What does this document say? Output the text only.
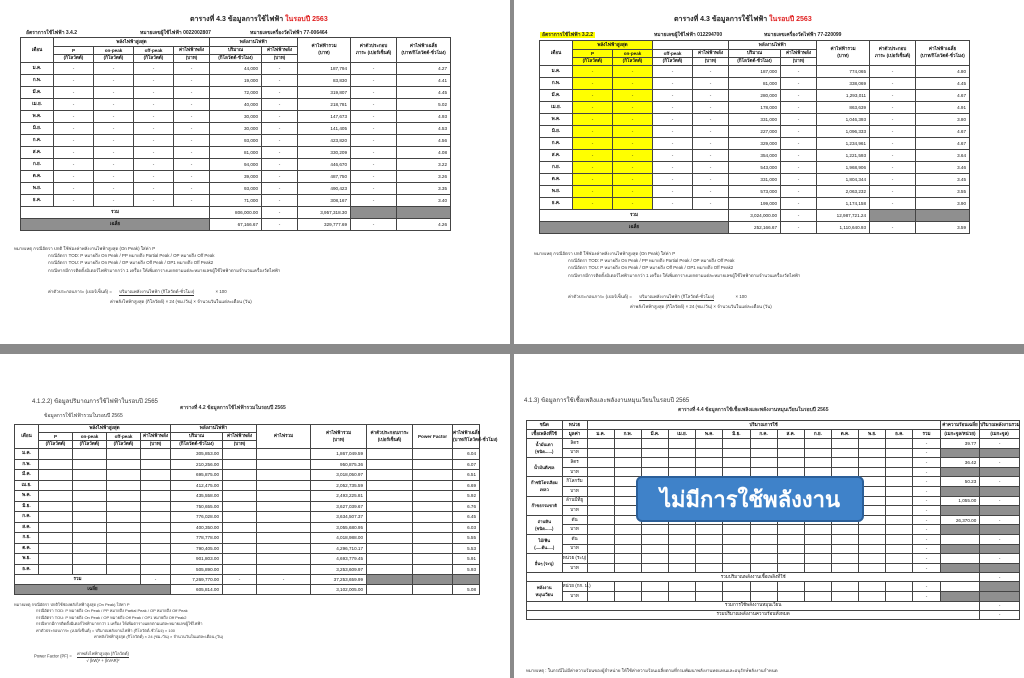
ตารางที่ 4.3 ข้อมูลการใช้ไฟฟ้า ในรอบปี 2563
อัตราการใช้ไฟฟ้า 3.4.2	หมายเลขผู้ใช้ไฟฟ้า 0022002807	หมายเลขเครื่องวัดไฟฟ้า 77-006464
เดือน	พลังไฟฟ้าสูงสุด				พลังงานไฟฟ้า		ค่าไฟฟ้ารวม
(บาท)	ค่าตัวประกอบ
ภาระ (เปอร์เซ็นต์)	ค่าไฟฟ้าเฉลี่ย
(บาท/กิโลวัตต์-ชั่วโมง)
	P	on-peak	off-peak	ค่าไฟฟ้าพลัง	ปริมาณ	ค่าไฟฟ้าพลัง			
	(กิโลวัตต์)	(กิโลวัตต์)	(กิโลวัตต์)	(บาท)	(กิโลวัตต์-ชั่วโมง)	(บาท)			
ม.ค.	-	-	-	-	44,000	-	187,794	-	4.27
ก.พ.	-	-	-	-	19,000	-	83,830	-	4.41
มี.ค.	-	-	-	-	72,000	-	319,807	-	4.45
เม.ย.	-	-	-	-	40,000	-	218,781	-	5.02
พ.ค.	-	-	-	-	30,000	-	147,673	-	4.93
มิ.ย.	-	-	-	-	30,000	-	141,405	-	4.53
ก.ค.	-	-	-	-	93,000	-	423,820	-	4.56
ส.ค.	-	-	-	-	81,000	-	330,209	-	4.08
ก.ย.	-	-	-	-	94,000	-	446,670	-	3.22
ต.ค.	-	-	-	-	39,000	-	487,750	-	3.26
พ.ย.	-	-	-	-	93,000	-	490,423	-	3.35
ธ.ค.	-	-	-	-	71,000	-	308,167	-	3.40
รวม					806,000.00	-	3,957,318.30		
เฉลี่ย					67,166.67	-	329,777.69	-	4.26
หมายเหตุ กรณีอัตรา ปกติ ใช้ช่องค่าพลังงานไฟฟ้าสูงสุด (On Peak) ใส่ค่า P
กรณีอัตรา TOD: P หมายถึง On Peak / PP หมายถึง Partial Peak / OP หมายถึง Off Peak
กรณีอัตรา TOU: P หมายถึง On Peak / OP หมายถึง Off Peak / OP1 หมายถึง Off Peak2
กรณีหากมีการติดตั้งมิเตอร์ไฟฟ้ามากกว่า 1 เครื่อง ให้เพิ่มตารางแยกตามแต่ละหมายเลขผู้ใช้ไฟฟ้าตามจำนวนเครื่องวัดไฟฟ้า
ค่าตัวประกอบภาระ (เปอร์เซ็นต์) = ปริมาณพลังงานไฟฟ้า (กิโลวัตต์-ชั่วโมง)	× 100
ค่าพลังไฟฟ้าสูงสุด (กิโลวัตต์) × 24 (ชม./วัน) × จำนวนวันในแต่ละเดือน (วัน)
ตารางที่ 4.3 ข้อมูลการใช้ไฟฟ้า ในรอบปี 2563
อัตราการใช้ไฟฟ้า 3.2.2	หมายเลขผู้ใช้ไฟฟ้า 012294700	หมายเลขเครื่องวัดไฟฟ้า 77-220099
เดือน	พลังไฟฟ้าสูงสุด				พลังงานไฟฟ้า		ค่าไฟฟ้ารวม
(บาท)	ค่าตัวประกอบ
ภาระ (เปอร์เซ็นต์)	ค่าไฟฟ้าเฉลี่ย
(บาท/กิโลวัตต์-ชั่วโมง)
	P	on-peak	off-peak	ค่าไฟฟ้าพลัง	ปริมาณ	ค่าไฟฟ้าพลัง			
	(กิโลวัตต์)	(กิโลวัตต์)	(กิโลวัตต์)	(บาท)	(กิโลวัตต์-ชั่วโมง)	(บาท)			
ม.ค.	-	-	-	-	187,000	-	774,065	-	4.80
ก.พ.	-	-	-	-	81,000	-	338,069	-	4.45
มี.ค.	-	-	-	-	280,000	-	1,293,011	-	4.67
เม.ย.	-	-	-	-	178,000	-	863,639	-	4.91
พ.ค.	-	-	-	-	331,000	-	1,046,393	-	3.80
มิ.ย.	-	-	-	-	227,000	-	1,096,333	-	4.67
ก.ค.	-	-	-	-	329,000	-	1,234,961	-	4.67
ส.ค.	-	-	-	-	354,000	-	1,221,593	-	3.64
ก.ย.	-	-	-	-	543,000	-	1,968,906	-	3.46
ต.ค.	-	-	-	-	331,000	-	1,804,344	-	3.45
พ.ย.	-	-	-	-	573,000	-	2,063,232	-	3.55
ธ.ค.	-	-	-	-	199,000	-	1,174,158	-	3.90
รวม					3,024,000.00	-	12,987,721.24		
เฉลี่ย					252,166.67	-	1,110,640.93	-	3.59
หมายเหตุ กรณีอัตรา ปกติ ใช้ช่องค่าพลังงานไฟฟ้าสูงสุด (On Peak) ใส่ค่า P
กรณีอัตรา TOD: P หมายถึง On Peak / PP หมายถึง Partial Peak / OP หมายถึง Off Peak
กรณีอัตรา TOU: P หมายถึง On Peak / OP หมายถึง Off Peak / OP1 หมายถึง Off Peak2
กรณีหากมีการติดตั้งมิเตอร์ไฟฟ้ามากกว่า 1 เครื่อง ให้เพิ่มตารางแยกตามแต่ละหมายเลขผู้ใช้ไฟฟ้าตามจำนวนเครื่องวัดไฟฟ้า
ค่าตัวประกอบภาระ (เปอร์เซ็นต์) = ปริมาณพลังงานไฟฟ้า (กิโลวัตต์-ชั่วโมง)	× 100
ค่าพลังไฟฟ้าสูงสุด (กิโลวัตต์) × 24 (ชม./วัน) × จำนวนวันในแต่ละเดือน (วัน)
4.1.2.2) ข้อมูลปริมาณการใช้ไฟฟ้าในรอบปี 2565
ตารางที่ 4.2 ข้อมูลการใช้ไฟฟ้ารวมในรอบปี 2565
ข้อมูลการใช้ไฟฟ้ารวมในรอบปี 2565
เดือน	พลังไฟฟ้าสูงสุด				พลังงานไฟฟ้า		ค่าไฟรวม	ค่าไฟฟ้ารวม
(บาท)	ค่าตัวประกอบภาระ
(เปอร์เซ็นต์)	Power Factor	ค่าไฟฟ้าเฉลี่ย
(บาท/กิโลวัตต์-ชั่วโมง)
	P	on-peak	off-peak	ค่าไฟฟ้าพลัง	ปริมาณ	ค่าไฟฟ้าพลัง					
	(กิโลวัตต์)	(กิโลวัตต์)	(กิโลวัตต์)	(บาท)	(กิโลวัตต์-ชั่วโมง)	(บาท)					
ม.ค.					305,853.00			1,867,049.59			6.04
ก.พ.					210,256.00			950,875.36			6.07
มี.ค.					695,875.00			3,018,050.97			6.51
เม.ย.					412,475.00			2,052,735.59			6.69
พ.ค.					435,558.00			2,493,225.81			5.92
มิ.ย.					750,655.00			3,627,039.67			6.76
ก.ค.					776,028.00			3,634,507.37			6.45
ส.ค.					400,350.00			3,055,680.95			6.03
ก.ย.					778,778.00			4,018,988.00			5.55
ต.ค.					790,405.00			4,296,710.17			5.53
พ.ย.					901,803.00			4,693,779.45			5.91
ธ.ค.					505,890.00			3,253,609.97			5.93
รวม				-	7,269,770.00	-	-	37,253,659.99			
เฉลี่ย					605,814.00			3,102,005.00			5.08
หมายเหตุ กรณีอัตรา ปกติใช้ช่องพลังไฟฟ้าสูงสุด (On Peak) ใส่ค่า P
กรณีอัตรา TOD: P หมายถึง On Peak / PP หมายถึง Partial Peak / OP หมายถึง Off Peak
กรณีอัตรา TOU: P หมายถึง On Peak / OP หมายถึง Off Peak / OP1 หมายถึง Off Peak2
กรณีหากมีการติดตั้งมิเตอร์ไฟฟ้ามากกว่า 1 เครื่อง ให้เพิ่มตารางแยกตามแต่ละหมายเลขผู้ใช้ไฟฟ้า
ค่าตัวประกอบภาระ (เปอร์เซ็นต์) = ปริมาณพลังงานไฟฟ้า (กิโลวัตต์-ชั่วโมง) × 100
ค่าพลังไฟฟ้าสูงสุด (กิโลวัตต์) × 24 (ชม./วัน) × จำนวนวันในแต่ละเดือน (วัน)
Power Factor (PF) =
ค่าพลังไฟฟ้าสูงสุด (กิโลวัตต์)
√ (kW)² + (kVAR)²
4.1.3) ข้อมูลการใช้เชื้อเพลิงและพลังงานหมุนเวียนในรอบปี 2565
ตารางที่ 4.4 ข้อมูลการใช้เชื้อเพลิงและพลังงานหมุนเวียนในรอบปี 2565
ชนิด	หน่วย	ปริมาณการใช้													ค่าความร้อนเฉลี่ย	ปริมาณพลังงานรวม
เชื้อเพลิงที่ใช้	มูลค่า	ม.ค.	ก.พ.	มี.ค.	เม.ย.	พ.ค.	มิ.ย.	ก.ค.	ส.ค.	ก.ย.	ต.ค.	พ.ย.	ธ.ค.	รวม	(เมกะจูล/หน่วย)	(เมกะจูล)
น้ำมันเตา
(ชนิด......)	ลิตร													-	39.77	-
	บาท													-		
น้ำมันดีเซล	ลิตร													-	36.42	-
	บาท													-		
ก๊าซปิโตรเลียม
เหลว	กิโลกรัม													-	50.23	-
	บาท													-		
ก๊าซธรรมชาติ	ล้านบีทียู													-	1,055.00	-
	บาท													-		
ถ่านหิน
(ชนิด......)	ตัน													-	26,370.00	-
	บาท													-		
ไม้/ฟืน
(.....ตัน.....)	ตัน													-		-
	บาท													-		
อื่นๆ (ระบุ)	หน่วย (ระบุ)													-		-
	บาท													-		
รวมปริมาณพลังงานเชื้อเพลิงที่ใช้																-
พลังงาน
หมุนเวียน	หน่วย (กก. ม.)													-		
	บาท													-		
รวมการใช้พลังงานหมุนเวียน																-
รวมปริมาณพลังงานความร้อนทั้งหมด																-
หมายเหตุ : ในกรณีไม่มีค่าความร้อนของผู้จำหน่าย ให้ใช้ค่าความร้อนเฉลี่ยตามที่กรมพัฒนาพลังงานทดแทนและอนุรักษ์พลังงานกำหนด
ไม่มีการใช้พลังงาน
